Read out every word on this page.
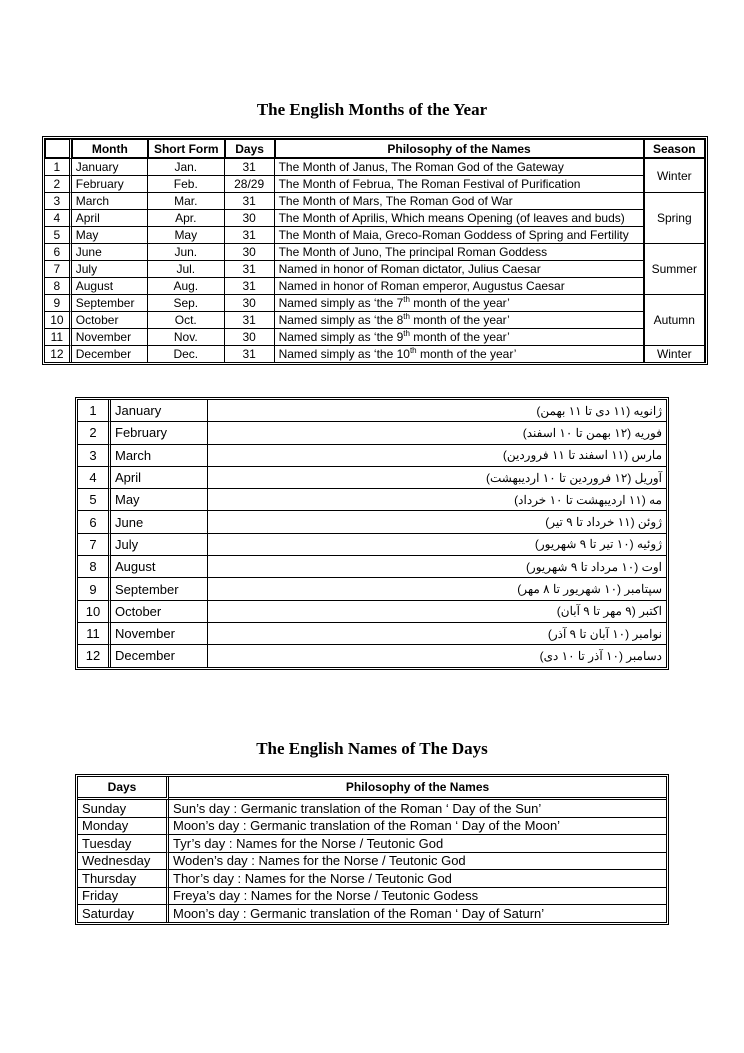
The English Months of the Year
	Month	Short Form	Days	Philosophy of the Names	Season
1	January	Jan.	31	The Month of Janus, The Roman God of the Gateway	Winter
2	February	Feb.	28/29	The Month of Februa, The Roman Festival of Purification	
3	March	Mar.	31	The Month of Mars, The Roman God of War	Spring
4	April	Apr.	30	The Month of Aprilis, Which means Opening (of leaves and buds)	
5	May	May	31	The Month of Maia, Greco-Roman Goddess of Spring and Fertility	
6	June	Jun.	30	The Month of Juno, The principal Roman Goddess	Summer
7	July	Jul.	31	Named in honor of Roman dictator, Julius Caesar	
8	August	Aug.	31	Named in honor of Roman emperor, Augustus Caesar	
9	September	Sep.	30	Named simply as ‘the 7th month of the year’	Autumn
10	October	Oct.	31	Named simply as ‘the 8th month of the year’	
11	November	Nov.	30	Named simply as ‘the 9th month of the year’	
12	December	Dec.	31	Named simply as ‘the 10th month of the year’	Winter
1	January	ژانویه (۱۱ دی تا ۱۱ بهمن)
2	February	فوریه (۱۲ بهمن تا ۱۰ اسفند)
3	March	مارس (۱۱ اسفند تا ۱۱ فروردین)
4	April	آوریل (۱۲ فروردین تا ۱۰ اردیبهشت)
5	May	مه (۱۱ اردیبهشت تا ۱۰ خرداد)
6	June	ژوئن (۱۱ خرداد تا ۹ تیر)
7	July	ژوئیه (۱۰ تیر تا ۹ شهریور)
8	August	اوت (۱۰ مرداد تا ۹ شهریور)
9	September	سپتامبر (۱۰ شهریور تا ۸ مهر)
10	October	اکتبر (۹ مهر تا ۹ آبان)
11	November	نوامبر (۱۰ آبان تا ۹ آذر)
12	December	دسامبر (۱۰ آذر تا ۱۰ دی)
The English Names of The Days
Days	Philosophy of the Names
Sunday	Sun’s day : Germanic translation of the Roman ‘ Day of the Sun’
Monday	Moon’s day : Germanic translation of the Roman ‘ Day of the Moon’
Tuesday	Tyr’s day : Names for the Norse / Teutonic God
Wednesday	Woden’s day : Names for the Norse / Teutonic God
Thursday	Thor’s day : Names for the Norse / Teutonic God
Friday	Freya’s day : Names for the Norse / Teutonic Godess
Saturday	Moon’s day : Germanic translation of the Roman ‘ Day of Saturn’
